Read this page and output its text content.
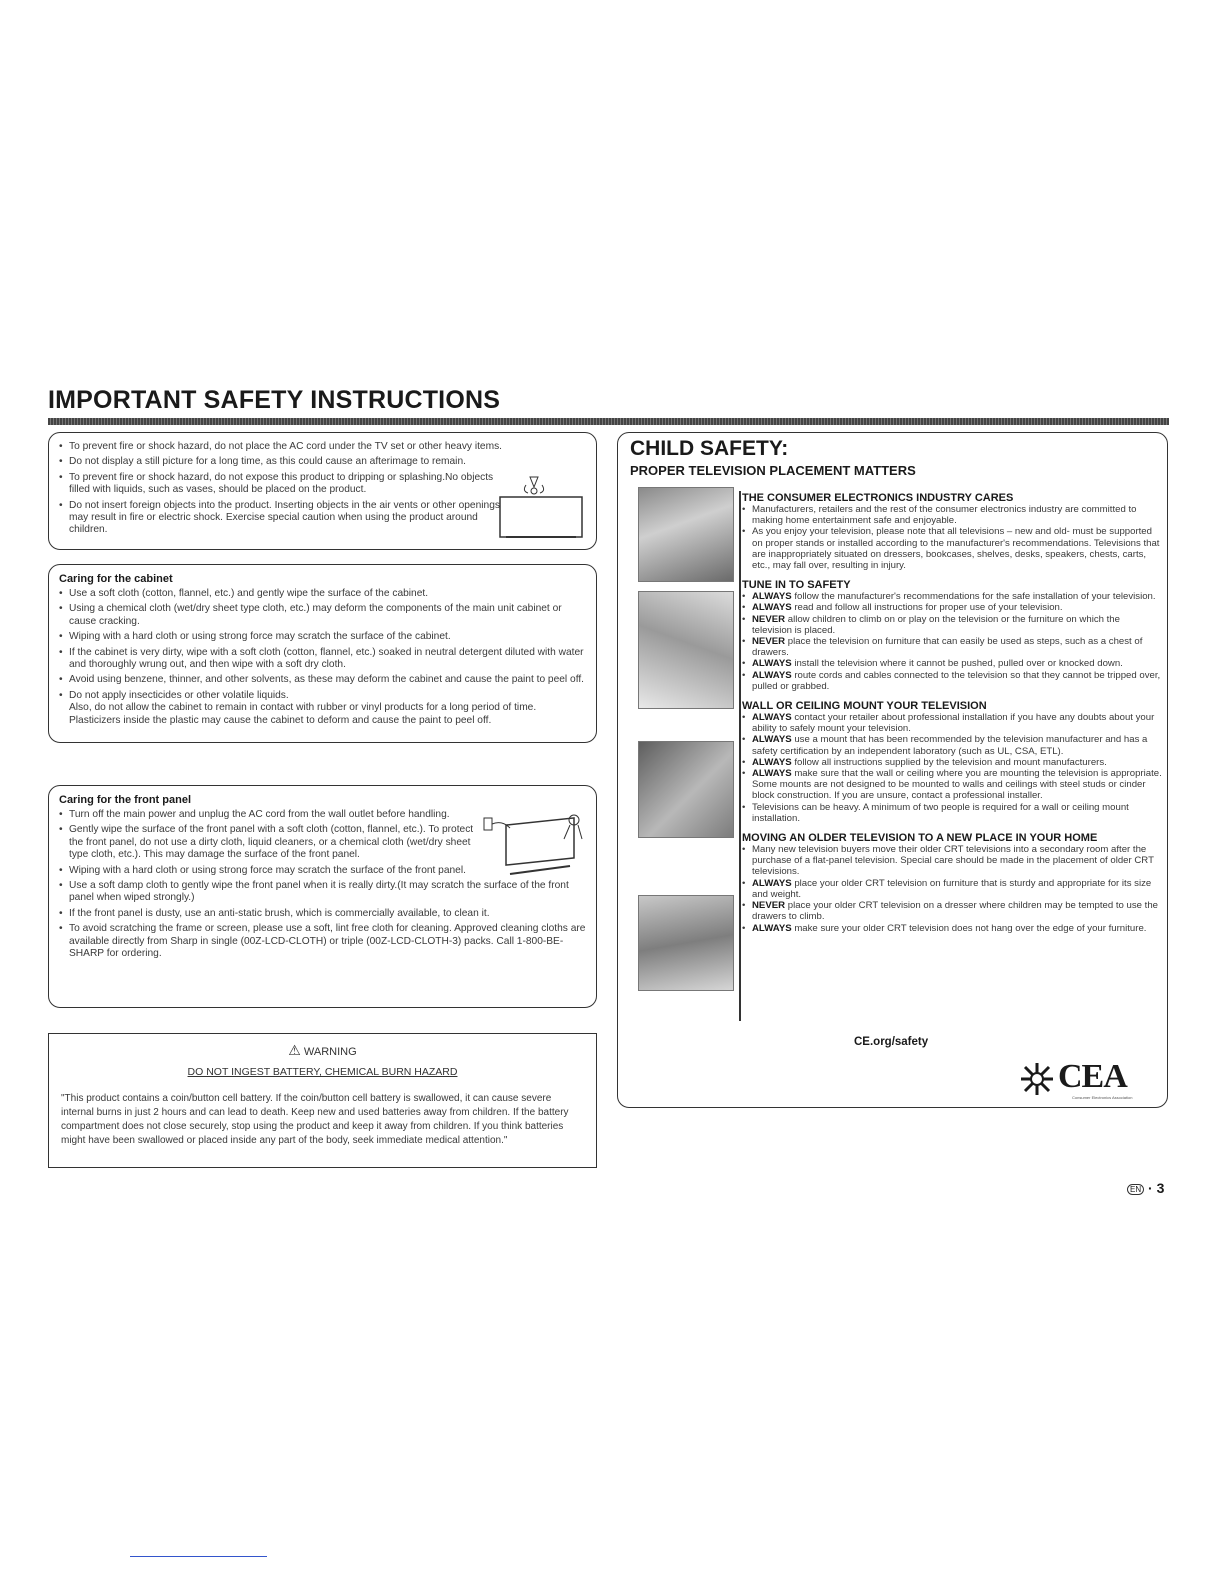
IMPORTANT SAFETY INSTRUCTIONS
• To prevent fire or shock hazard, do not place the AC cord under the TV set or other heavy items.
• Do not display a still picture for a long time, as this could cause an afterimage to remain.
• To prevent fire or shock hazard, do not expose this product to dripping or splashing.No objects filled with liquids, such as vases, should be placed on the product.
• Do not insert foreign objects into the product. Inserting objects in the air vents or other openings may result in fire or electric shock. Exercise special caution when using the product around children.
Caring for the cabinet
• Use a soft cloth (cotton, flannel, etc.) and gently wipe the surface of the cabinet.
• Using a chemical cloth (wet/dry sheet type cloth, etc.) may deform the components of the main unit cabinet or cause cracking.
• Wiping with a hard cloth or using strong force may scratch the surface of the cabinet.
• If the cabinet is very dirty, wipe with a soft cloth (cotton, flannel, etc.) soaked in neutral detergent diluted with water and thoroughly wrung out, and then wipe with a soft dry cloth.
• Avoid using benzene, thinner, and other solvents, as these may deform the cabinet and cause the paint to peel off.
• Do not apply insecticides or other volatile liquids.
Also, do not allow the cabinet to remain in contact with rubber or vinyl products for a long period of time. Plasticizers inside the plastic may cause the cabinet to deform and cause the paint to peel off.
Caring for the front panel
• Turn off the main power and unplug the AC cord from the wall outlet before handling.
• Gently wipe the surface of the front panel with a soft cloth (cotton, flannel, etc.). To protect the front panel, do not use a dirty cloth, liquid cleaners, or a chemical cloth (wet/dry sheet type cloth, etc.). This may damage the surface of the front panel.
• Wiping with a hard cloth or using strong force may scratch the surface of the front panel.
• Use a soft damp cloth to gently wipe the front panel when it is really dirty.(It may scratch the surface of the front panel when wiped strongly.)
• If the front panel is dusty, use an anti-static brush, which is commercially available, to clean it.
• To avoid scratching the frame or screen, please use a soft, lint free cloth for cleaning. Approved cleaning cloths are available directly from Sharp in single (00Z-LCD-CLOTH) or triple (00Z-LCD-CLOTH-3) packs. Call 1-800-BE-SHARP for ordering.
⚠ WARNING
DO NOT INGEST BATTERY, CHEMICAL BURN HAZARD
"This product contains a coin/button cell battery. If the coin/button cell battery is swallowed, it can cause severe internal burns in just 2 hours and can lead to death. Keep new and used batteries away from children. If the battery compartment does not close securely, stop using the product and keep it away from children. If you think batteries might have been swallowed or placed inside any part of the body, seek immediate medical attention."
CHILD SAFETY:
PROPER TELEVISION PLACEMENT MATTERS
THE CONSUMER ELECTRONICS INDUSTRY CARES
• Manufacturers, retailers and the rest of the consumer electronics industry are committed to making home entertainment safe and enjoyable.
• As you enjoy your television, please note that all televisions – new and old- must be supported on proper stands or installed according to the manufacturer's recommendations. Televisions that are inappropriately situated on dressers, bookcases, shelves, desks, speakers, chests, carts, etc., may fall over, resulting in injury.
TUNE IN TO SAFETY
• ALWAYS follow the manufacturer's recommendations for the safe installation of your television.
• ALWAYS read and follow all instructions for proper use of your television.
• NEVER allow children to climb on or play on the television or the furniture on which the television is placed.
• NEVER place the television on furniture that can easily be used as steps, such as a chest of drawers.
• ALWAYS install the television where it cannot be pushed, pulled over or knocked down.
• ALWAYS route cords and cables connected to the television so that they cannot be tripped over, pulled or grabbed.
WALL OR CEILING MOUNT YOUR TELEVISION
• ALWAYS contact your retailer about professional installation if you have any doubts about your ability to safely mount your television.
• ALWAYS use a mount that has been recommended by the television manufacturer and has a safety certification by an independent laboratory (such as UL, CSA, ETL).
• ALWAYS follow all instructions supplied by the television and mount manufacturers.
• ALWAYS make sure that the wall or ceiling where you are mounting the television is appropriate.
Some mounts are not designed to be mounted to walls and ceilings with steel studs or cinder block construction. If you are unsure, contact a professional installer.
• Televisions can be heavy. A minimum of two people is required for a wall or ceiling mount installation.
MOVING AN OLDER TELEVISION TO A NEW PLACE IN YOUR HOME
• Many new television buyers move their older CRT televisions into a secondary room after the purchase of a flat-panel television. Special care should be made in the placement of older CRT televisions.
• ALWAYS place your older CRT television on furniture that is sturdy and appropriate for its size and weight.
• NEVER place your older CRT television on a dresser where children may be tempted to use the drawers to climb.
• ALWAYS make sure your older CRT television does not hang over the edge of your furniture.
CE.org/safety
CEA
Consumer Electronics Association
EN · 3
